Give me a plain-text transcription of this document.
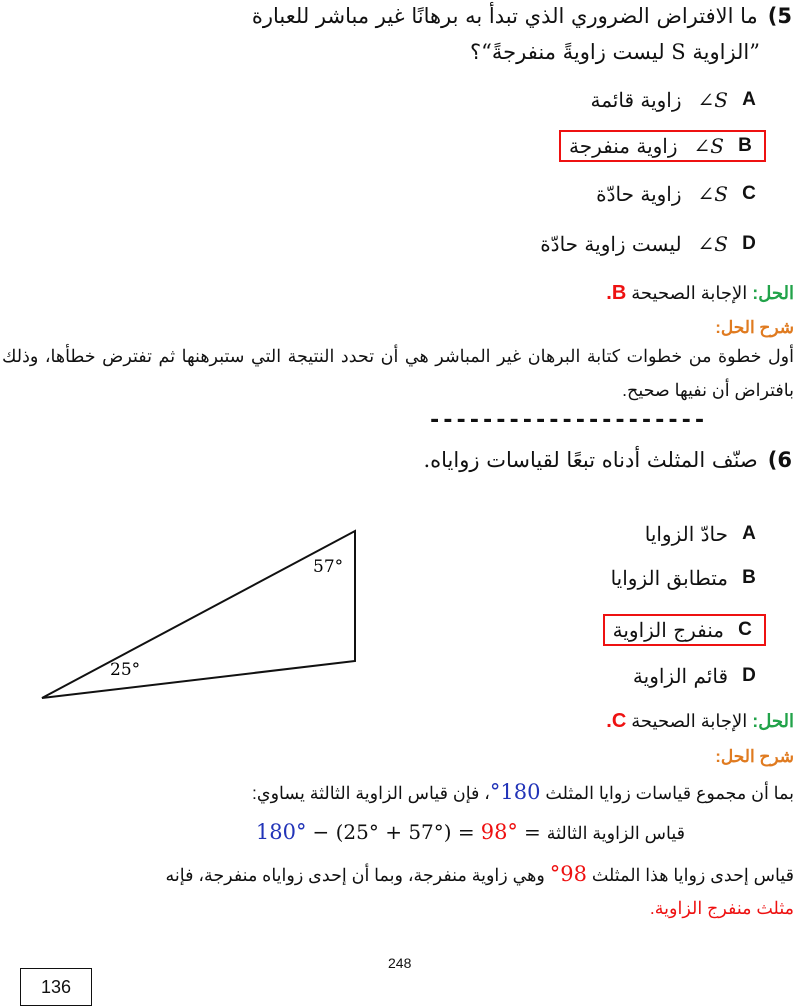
5)
ما الافتراض الضروري الذي تبدأ به برهانًا غير مباشر للعبارة
”الزاوية S ليست زاويةً منفرجةً“؟
A
∠S
زاوية قائمة
B
∠S
زاوية منفرجة
C
∠S
زاوية حادّة
D
∠S
ليست زاوية حادّة
الحل: الإجابة الصحيحة B.
شرح الحل:
أول خطوة من خطوات كتابة البرهان غير المباشر هي أن تحدد النتيجة التي ستبرهنها ثم تفترض خطأها، وذلك بافتراض أن نفيها صحيح.
---------------------
6)
صنّف المثلث أدناه تبعًا لقياسات زواياه.
57°
25°
A
حادّ الزوايا
B
متطابق الزوايا
C
منفرج الزاوية
D
قائم الزاوية
الحل: الإجابة الصحيحة C.
شرح الحل:
بما أن مجموع قياسات زوايا المثلث 180°، فإن قياس الزاوية الثالثة يساوي:
قياس الزاوية الثالثة
=
180° − (25° + 57°) = 98°
قياس إحدى زوايا هذا المثلث 98° وهي زاوية منفرجة، وبما أن إحدى زواياه منفرجة، فإنه
مثلث منفرج الزاوية.
248
136
